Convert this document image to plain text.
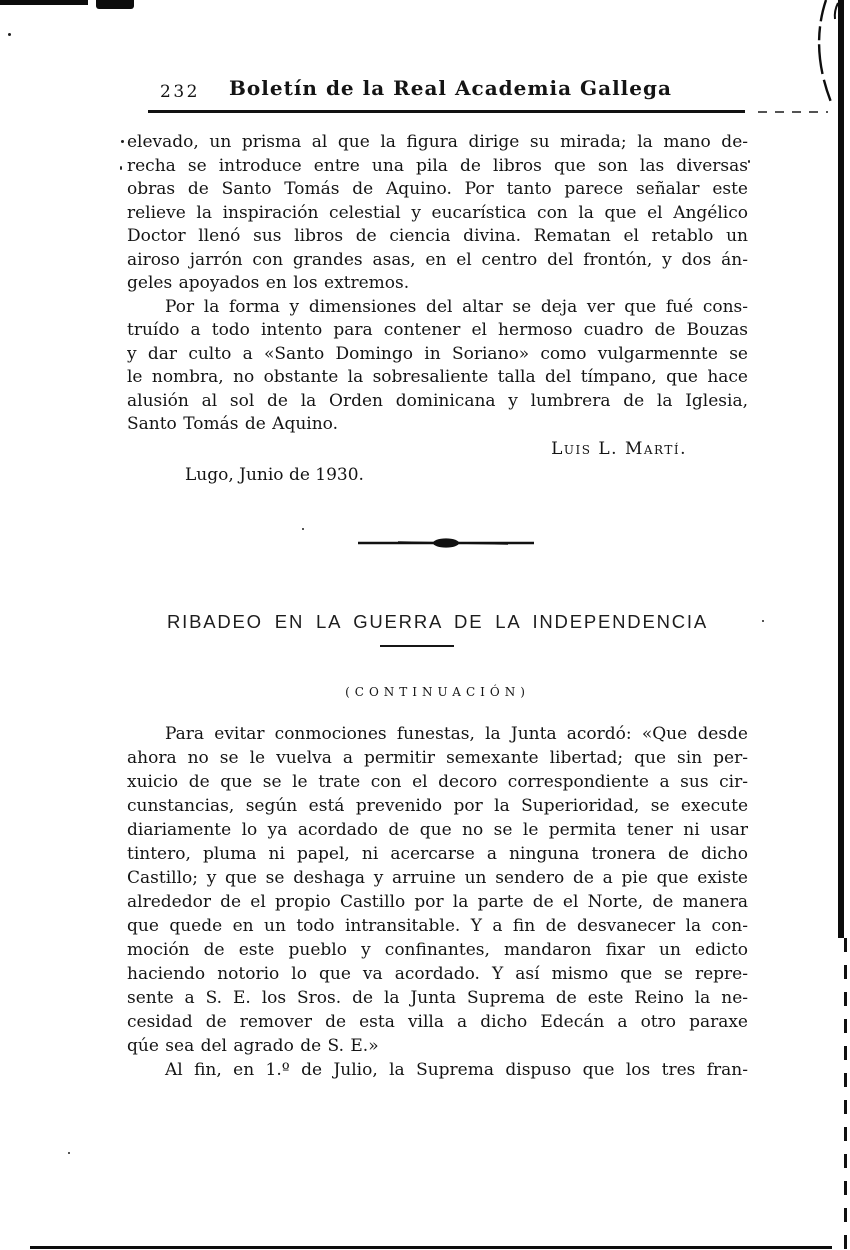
232	Boletín de la Real Academia Gallega
elevado, un prisma al que la figura dirige su mirada; la mano de-
recha se introduce entre una pila de libros que son las diversas
obras de Santo Tomás de Aquino. Por tanto parece señalar este
relieve la inspiración celestial y eucarística con la que el Angélico
Doctor llenó sus libros de ciencia divina. Rematan el retablo un
airoso jarrón con grandes asas, en el centro del frontón, y dos án-
geles apoyados en los extremos.
Por la forma y dimensiones del altar se deja ver que fué cons-
truído a todo intento para contener el hermoso cuadro de Bouzas
y dar culto a «Santo Domingo in Soriano» como vulgarmennte se
le nombra, no obstante la sobresaliente talla del tímpano, que hace
alusión al sol de la Orden dominicana y lumbrera de la Iglesia,
Santo Tomás de Aquino.
Luis L. Martí.
Lugo, Junio de 1930.
RIBADEO EN LA GUERRA DE LA INDEPENDENCIA
(CONTINUACIÓN)
Para evitar conmociones funestas, la Junta acordó: «Que desde
ahora no se le vuelva a permitir semexante libertad; que sin per-
xuicio de que se le trate con el decoro correspondiente a sus cir-
cunstancias, según está prevenido por la Superioridad, se execute
diariamente lo ya acordado de que no se le permita tener ni usar
tintero, pluma ni papel, ni acercarse a ninguna tronera de dicho
Castillo; y que se deshaga y arruine un sendero de a pie que existe
alrededor de el propio Castillo por la parte de el Norte, de manera
que quede en un todo intransitable. Y a fin de desvanecer la con-
moción de este pueblo y confinantes, mandaron fixar un edicto
haciendo notorio lo que va acordado. Y así mismo que se repre-
sente a S. E. los Sros. de la Junta Suprema de este Reino la ne-
cesidad de remover de esta villa a dicho Edecán a otro paraxe
qúe sea del agrado de S. E.»
Al fin, en 1.º de Julio, la Suprema dispuso que los tres fran-
